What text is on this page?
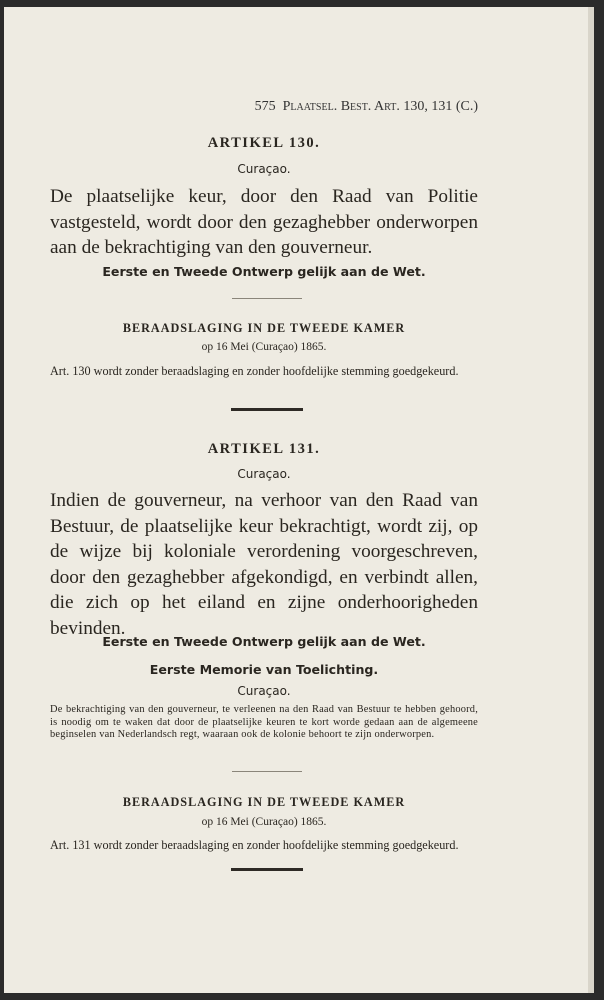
575 Plaatsel. Best. Art. 130, 131 (C.)
ARTIKEL 130.
Curaçao.
De plaatselijke keur, door den Raad van Politie vastgesteld, wordt door den gezaghebber onderworpen aan de bekrachtiging van den gouverneur.
Eerste en Tweede Ontwerp gelijk aan de Wet.
BERAADSLAGING IN DE TWEEDE KAMER
op 16 Mei (Curaçao) 1865.
Art. 130 wordt zonder beraadslaging en zonder hoofdelijke stemming goedgekeurd.
ARTIKEL 131.
Curaçao.
Indien de gouverneur, na verhoor van den Raad van Bestuur, de plaatselijke keur bekrachtigt, wordt zij, op de wijze bij koloniale verordening voorgeschreven, door den gezaghebber afgekondigd, en verbindt allen, die zich op het eiland en zijne onderhoorigheden bevinden.
Eerste en Tweede Ontwerp gelijk aan de Wet.
Eerste Memorie van Toelichting.
Curaçao.
De bekrachtiging van den gouverneur, te verleenen na den Raad van Bestuur te hebben gehoord, is noodig om te waken dat door de plaatselijke keuren te kort worde gedaan aan de algemeene beginselen van Nederlandsch regt, waaraan ook de kolonie behoort te zijn onderworpen.
BERAADSLAGING IN DE TWEEDE KAMER
op 16 Mei (Curaçao) 1865.
Art. 131 wordt zonder beraadslaging en zonder hoofdelijke stemming goedgekeurd.
